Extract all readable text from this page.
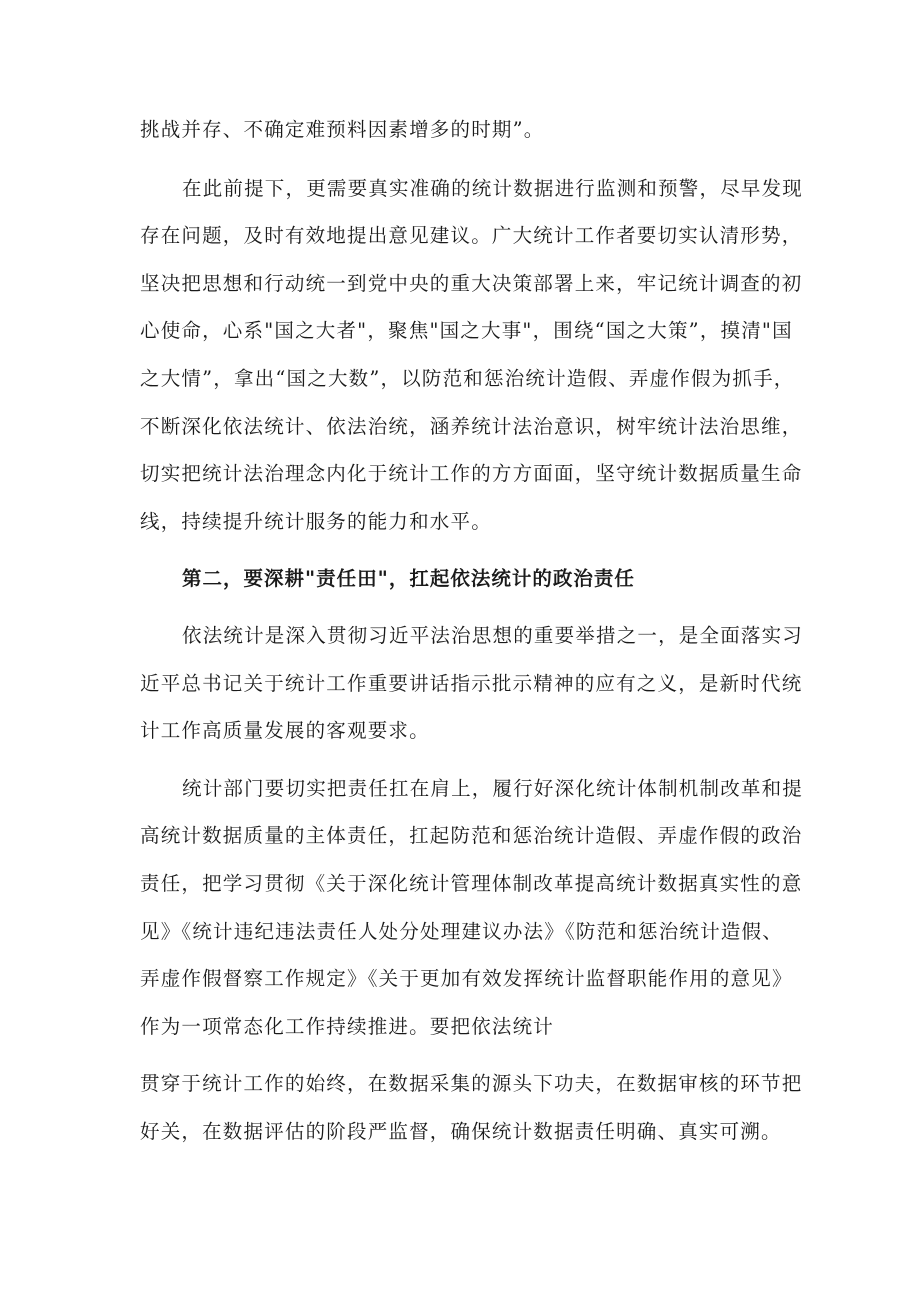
挑战并存、不确定难预料因素增多的时期”。

在此前提下，更需要真实准确的统计数据进行监测和预警，尽早发现

存在问题，及时有效地提出意见建议。广大统计工作者要切实认清形势，

坚决把思想和行动统一到党中央的重大决策部署上来，牢记统计调查的初

心使命，心系"国之大者"，聚焦"国之大事"，围绕“国之大策”，摸清"国

之大情”，拿出“国之大数”，以防范和惩治统计造假、弄虚作假为抓手，

不断深化依法统计、依法治统，涵养统计法治意识，树牢统计法治思维，

切实把统计法治理念内化于统计工作的方方面面，坚守统计数据质量生命

线，持续提升统计服务的能力和水平。

第二，要深耕"责任田"，扛起依法统计的政治责任

依法统计是深入贯彻习近平法治思想的重要举措之一，是全面落实习

近平总书记关于统计工作重要讲话指示批示精神的应有之义，是新时代统

计工作高质量发展的客观要求。

统计部门要切实把责任扛在肩上，履行好深化统计体制机制改革和提

高统计数据质量的主体责任，扛起防范和惩治统计造假、弄虚作假的政治

责任，把学习贯彻《关于深化统计管理体制改革提高统计数据真实性的意

见》《统计违纪违法责任人处分处理建议办法》《防范和惩治统计造假、

弄虚作假督察工作规定》《关于更加有效发挥统计监督职能作用的意见》

作为一项常态化工作持续推进。要把依法统计

贯穿于统计工作的始终，在数据采集的源头下功夫，在数据审核的环节把

好关，在数据评估的阶段严监督，确保统计数据责任明确、真实可溯。
